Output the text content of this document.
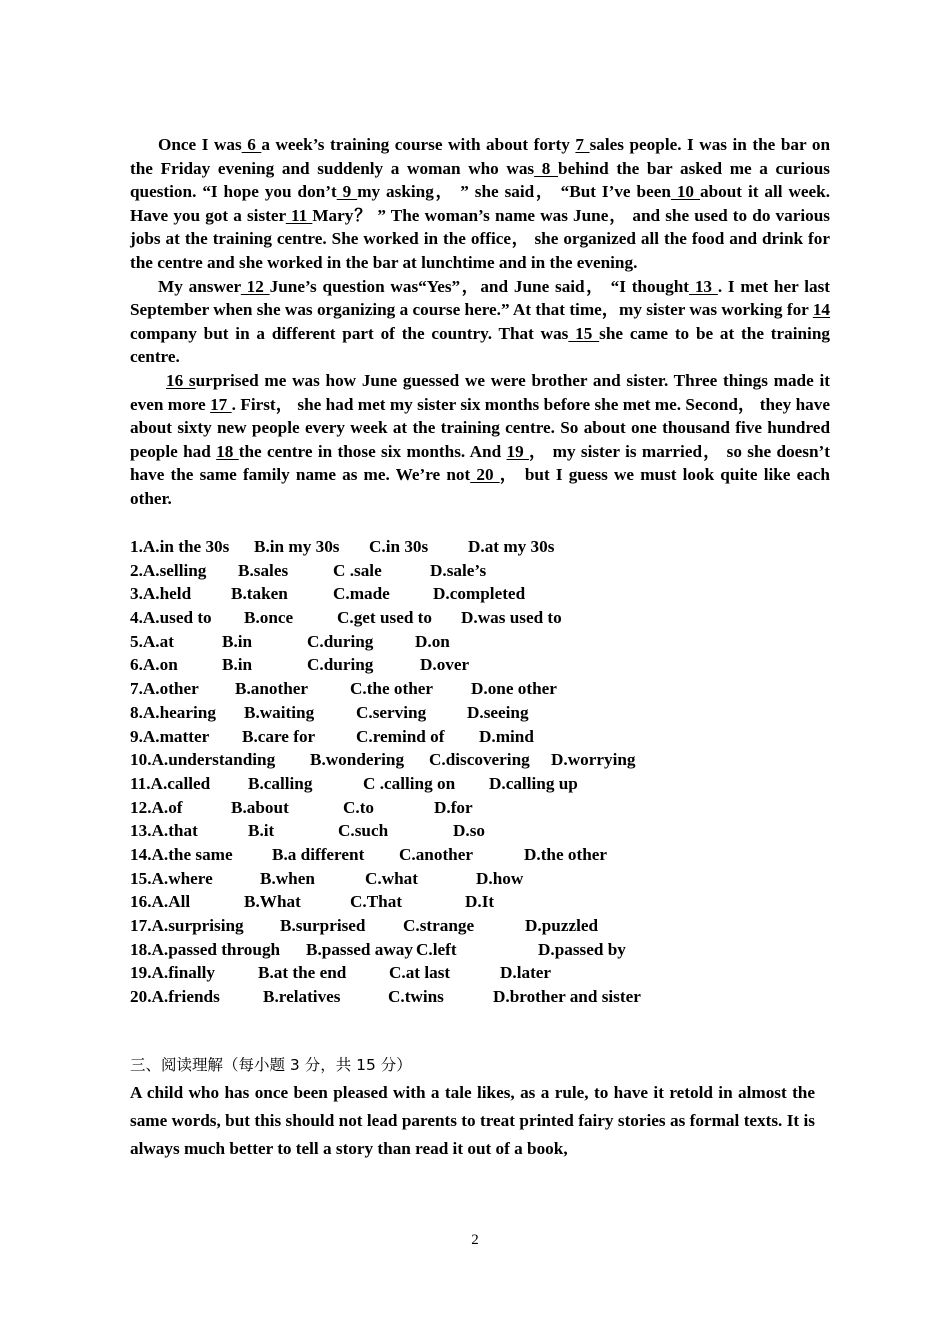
Once I was 6 a week’s training course with about forty 7 sales people. I was in the bar on the Friday evening and suddenly a woman who was 8 behind the bar asked me a curious question. “I hope you don’t 9 my asking， ” she said， “But I’ve been 10 about it all week. Have you got a sister 11 Mary？ ” The woman’s name was June， and she used to do various jobs at the training centre. She worked in the office， she organized all the food and drink for the centre and she worked in the bar at lunchtime and in the evening.

My answer 12 June’s question was“Yes”，and June said， “I thought 13 . I met her last September when she was organizing a course here.” At that time，my sister was working for 14 company but in a different part of the country. That was 15 she came to be at the training centre.

16 surprised me was how June guessed we were brother and sister. Three things made it even more 17 . First， she had met my sister six months before she met me. Second， they have about sixty new people every week at the training centre. So about one thousand five hundred people had 18 the centre in those six months. And 19 ， my sister is married， so she doesn’t have the same family name as me. We’re not 20 ， but I guess we must look quite like each other.

1.A.in the 30s B.in my 30s C.in 30s D.at my 30s
2.A.selling B.sales	C .sale	D.sale’s
3.A.held B.taken	C.made	D.completed
4.A.used to B.once	C.get used to D.was used to
5.A.at	B.in	C.during D.on
6.A.on	B.in	C.during	D.over
7.A.other B.another C.the other D.one other
8.A.hearing B.waiting C.serving D.seeing
9.A.matter B.care for C.remind of D.mind
10.A.understanding B.wondering C.discovering D.worrying
11.A.called B.calling	C .calling on D.calling up
12.A.of	B.about	C.to	D.for
13.A.that	B.it	C.such	D.so
14.A.the same B.a different C.another	D.the other
15.A.where	B.when	C.what	D.how
16.A.All	B.What	C.That	D.It
17.A.surprising B.surprised C.strange	D.puzzled
18.A.passed through B.passed away C.left	D.passed by
19.A.finally	B.at the end C.at last	D.later
20.A.friends	B.relatives	C.twins	D.brother and sister
三、阅读理解（每小题 3 分，共 15 分）
A child who has once been pleased with a tale likes, as a rule, to have it retold in almost the same words, but this should not lead parents to treat printed fairy stories as formal texts. It is always much better to tell a story than read it out of a book,
2
